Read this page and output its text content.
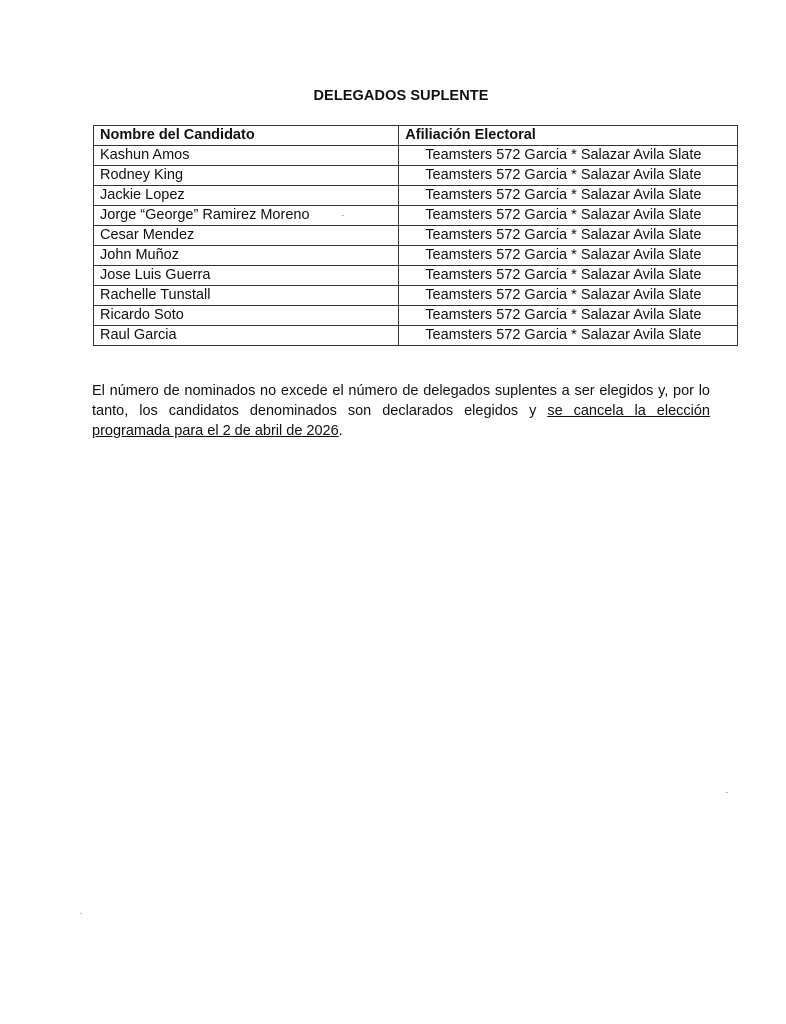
DELEGADOS SUPLENTE
Nombre del Candidato	Afiliación Electoral
Kashun Amos	Teamsters 572 Garcia * Salazar Avila Slate
Rodney King	Teamsters 572 Garcia * Salazar Avila Slate
Jackie Lopez	Teamsters 572 Garcia * Salazar Avila Slate
Jorge “George” Ramirez Moreno	Teamsters 572 Garcia * Salazar Avila Slate
Cesar Mendez	Teamsters 572 Garcia * Salazar Avila Slate
John Muñoz	Teamsters 572 Garcia * Salazar Avila Slate
Jose Luis Guerra	Teamsters 572 Garcia * Salazar Avila Slate
Rachelle Tunstall	Teamsters 572 Garcia * Salazar Avila Slate
Ricardo Soto	Teamsters 572 Garcia * Salazar Avila Slate
Raul Garcia	Teamsters 572 Garcia * Salazar Avila Slate

El número de nominados no excede el número de delegados suplentes a ser elegidos y, por lo tanto, los candidatos denominados son declarados elegidos y se cancela la elección programada para el 2 de abril de 2026.
